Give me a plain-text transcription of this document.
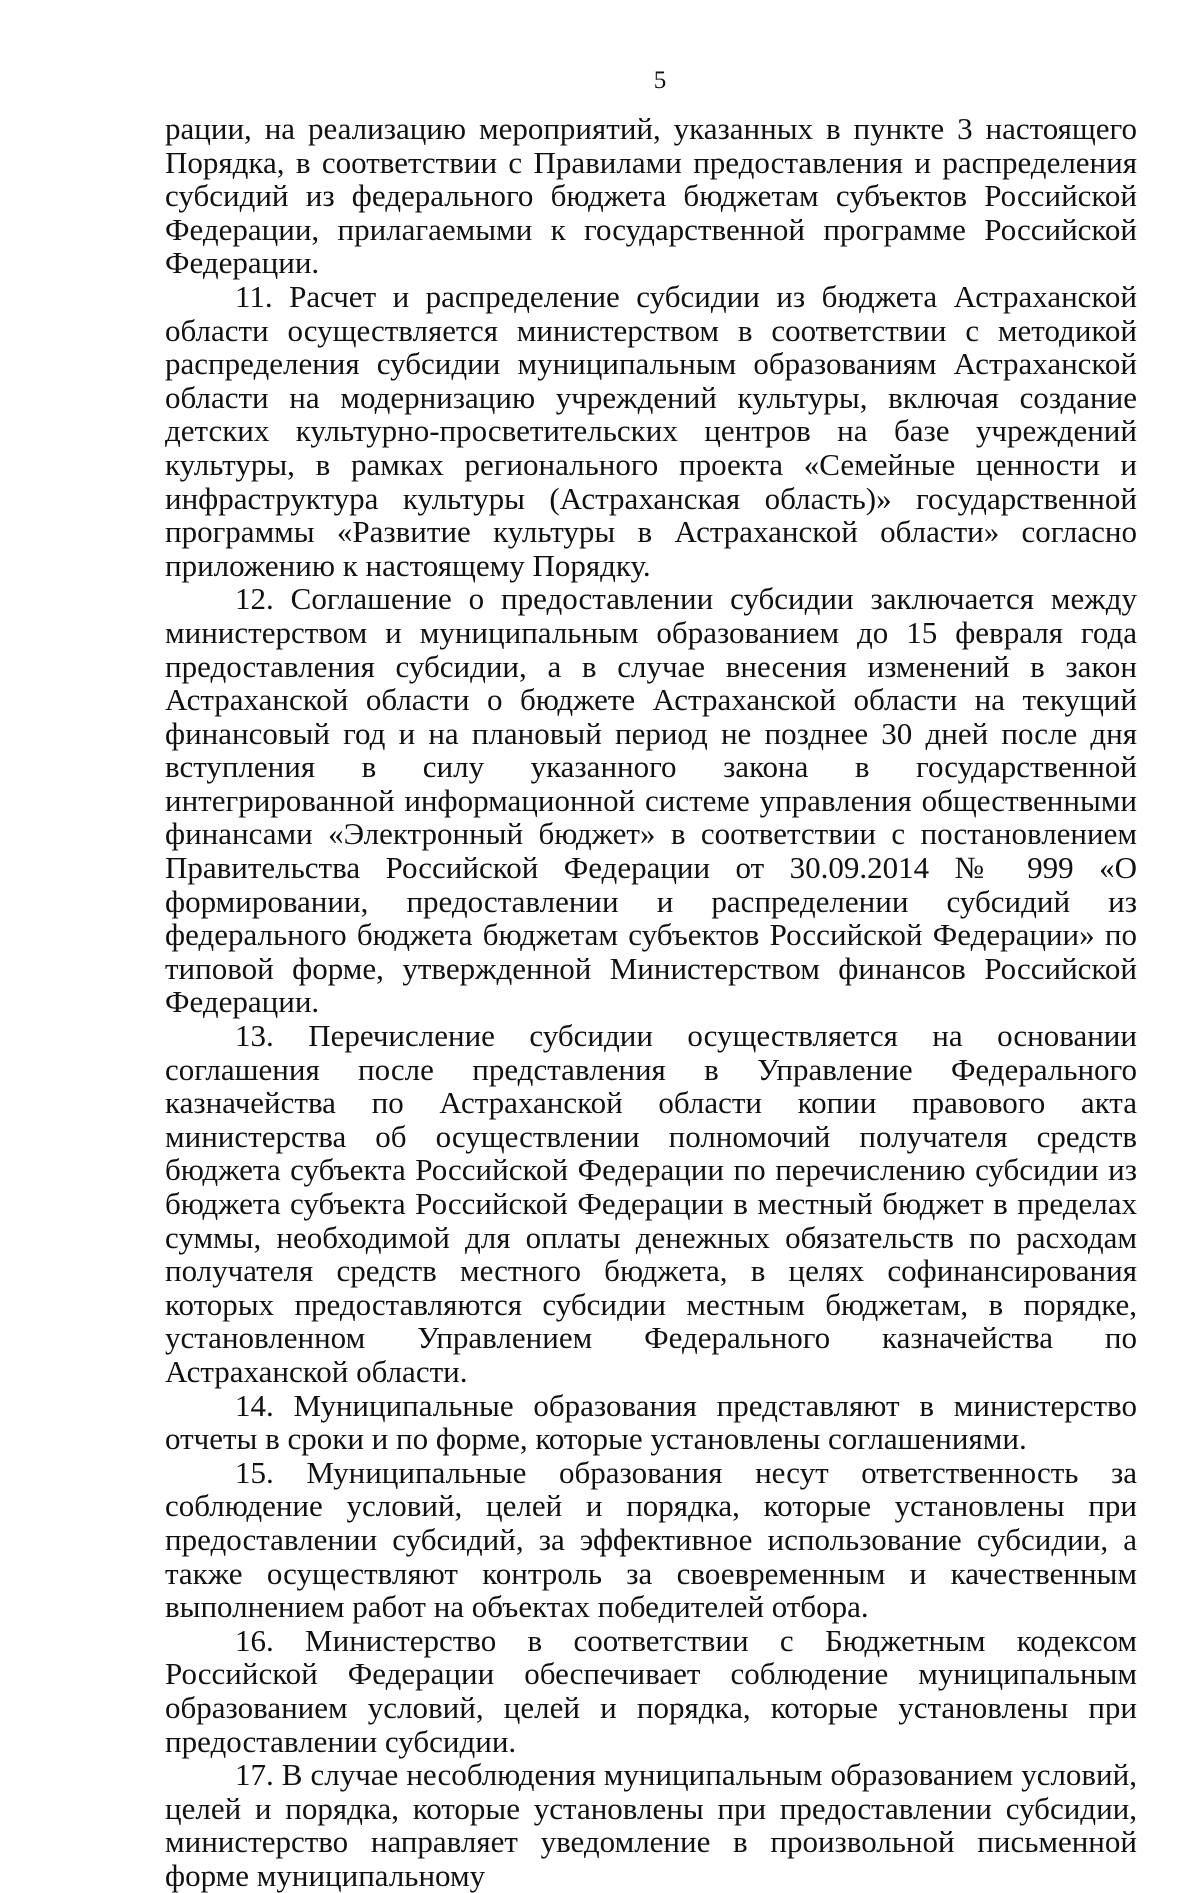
5

рации, на реализацию мероприятий, указанных в пункте 3 настоящего Порядка, в соответствии с Правилами предоставления и распределения субсидий из федерального бюджета бюджетам субъектов Российской Федерации, прилагаемыми к государственной программе Российской Федерации.

11. Расчет и распределение субсидии из бюджета Астраханской области осуществляется министерством в соответствии с методикой распределения субсидии муниципальным образованиям Астраханской области на модернизацию учреждений культуры, включая создание детских культурно-просветительских центров на базе учреждений культуры, в рамках регионального проекта «Семейные ценности и инфраструктура культуры (Астраханская область)» государственной программы «Развитие культуры в Астраханской области» согласно приложению к настоящему Порядку.

12. Соглашение о предоставлении субсидии заключается между министерством и муниципальным образованием до 15 февраля года предоставления субсидии, а в случае внесения изменений в закон Астраханской области о бюджете Астраханской области на текущий финансовый год и на плановый период не позднее 30 дней после дня вступления в силу указанного закона в государственной интегрированной информационной системе управления общественными финансами «Электронный бюджет» в соответствии с постановлением Правительства Российской Федерации от 30.09.2014 № 999 «О формировании, предоставлении и распределении субсидий из федерального бюджета бюджетам субъектов Российской Федерации» по типовой форме, утвержденной Министерством финансов Российской Федерации.

13. Перечисление субсидии осуществляется на основании соглашения после представления в Управление Федерального казначейства по Астраханской области копии правового акта министерства об осуществлении полномочий получателя средств бюджета субъекта Российской Федерации по перечислению субсидии из бюджета субъекта Российской Федерации в местный бюджет в пределах суммы, необходимой для оплаты денежных обязательств по расходам получателя средств местного бюджета, в целях софинансирования которых предоставляются субсидии местным бюджетам, в порядке, установленном Управлением Федерального казначейства по Астраханской области.

14. Муниципальные образования представляют в министерство отчеты в сроки и по форме, которые установлены соглашениями.

15. Муниципальные образования несут ответственность за соблюдение условий, целей и порядка, которые установлены при предоставлении субсидий, за эффективное использование субсидии, а также осуществляют контроль за своевременным и качественным выполнением работ на объектах победителей отбора.

16. Министерство в соответствии с Бюджетным кодексом Российской Федерации обеспечивает соблюдение муниципальным образованием условий, целей и порядка, которые установлены при предоставлении субсидии.

17. В случае несоблюдения муниципальным образованием условий, целей и порядка, которые установлены при предоставлении субсидии, министерство направляет уведомление в произвольной письменной форме муниципальному
